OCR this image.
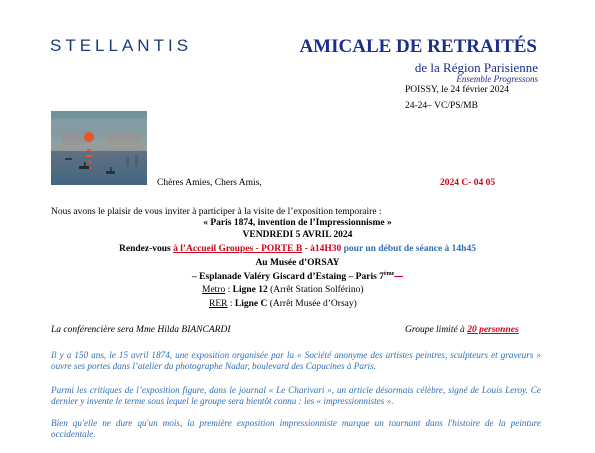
STELLANTIS	AMICALE DE RETRAITÉS
de la Région Parisienne
Ensemble Progressons
POISSY, le 24 février 2024
24-24– VC/PS/MB
Chères Amies, Chers Amis,	2024 C- 04 05
Nous avons le plaisir de vous inviter à participer à la visite de l’exposition temporaire :
« Paris 1874, invention de l’Impressionnisme »
VENDREDI 5 AVRIL 2024
Rendez-vous à l’Accueil Groupes - PORTE B - à14H30 pour un début de séance à 14h45
Au Musée d’ORSAY
– Esplanade Valéry Giscard d’Estaing – Paris 7ème --
Metro : Ligne 12 (Arrêt Station Solférino)
RER : Ligne C (Arrêt Musée d’Orsay)
La conférencière sera Mme Hilda BIANCARDI	Groupe limité à 20 personnes
Il y a 150 ans, le 15 avril 1874, une exposition organisée par la « Société anonyme des artistes peintres, sculpteurs et graveurs » ouvre ses portes dans l’atelier du photographe Nadar, boulevard des Capucines à Paris.
Parmi les critiques de l’exposition figure, dans le journal « Le Charivari », un article désormais célèbre, signé de Louis Leroy. Ce dernier y invente le terme sous lequel le groupe sera bientôt connu : les « impressionnistes ».
Bien qu'elle ne dure qu'un mois, la première exposition impressionniste marque un tournant dans l'histoire de la peinture occidentale.
